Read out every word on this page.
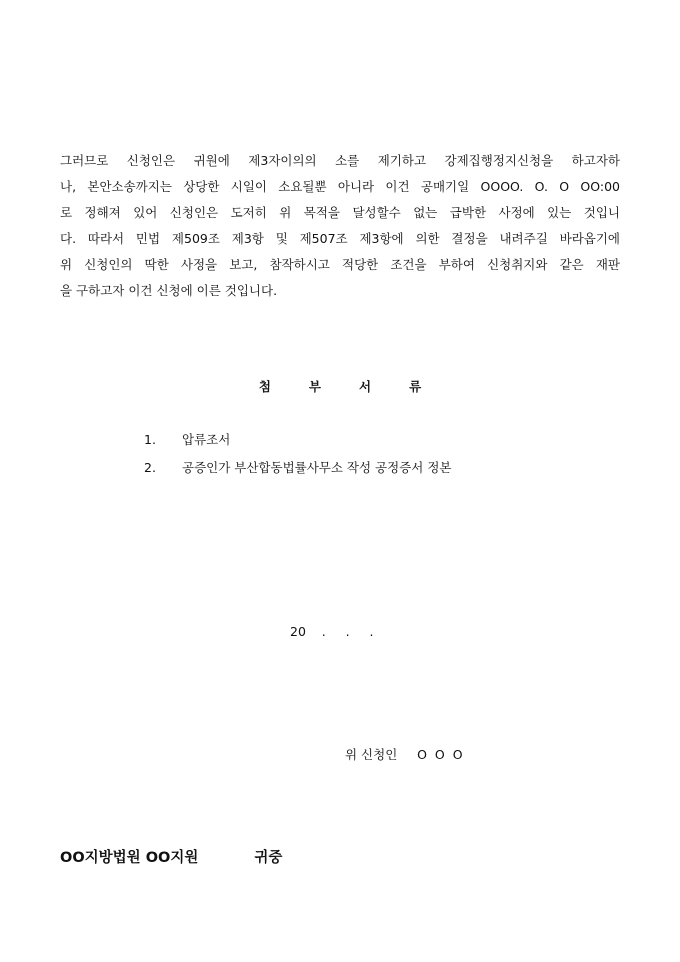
그러므로 신청인은 귀원에 제3자이의의 소를 제기하고 강제집행정지신청을 하고자하
나, 본안소송까지는 상당한 시일이 소요될뿐 아니라 이건 공매기일 OOOO. O. O OO:00
로 정해져 있어 신청인은 도저히 위 목적을 달성할수 없는 급박한 사정에 있는 것입니
다. 따라서 민법 제509조 제3항 및 제507조 제3항에 의한 결정을 내려주길 바라옵기에
위 신청인의 딱한 사정을 보고, 참작하시고 적당한 조건을 부하여 신청취지와 같은 재판
을 구하고자 이건 신청에 이른 것입니다.
첨부서류
1.	압류조서
2.	공증인가 부산합동법률사무소 작성 공정증서 정본
20    .     .     .
위 신청인     O  O  O
OO지방법원 OO지원	귀중
